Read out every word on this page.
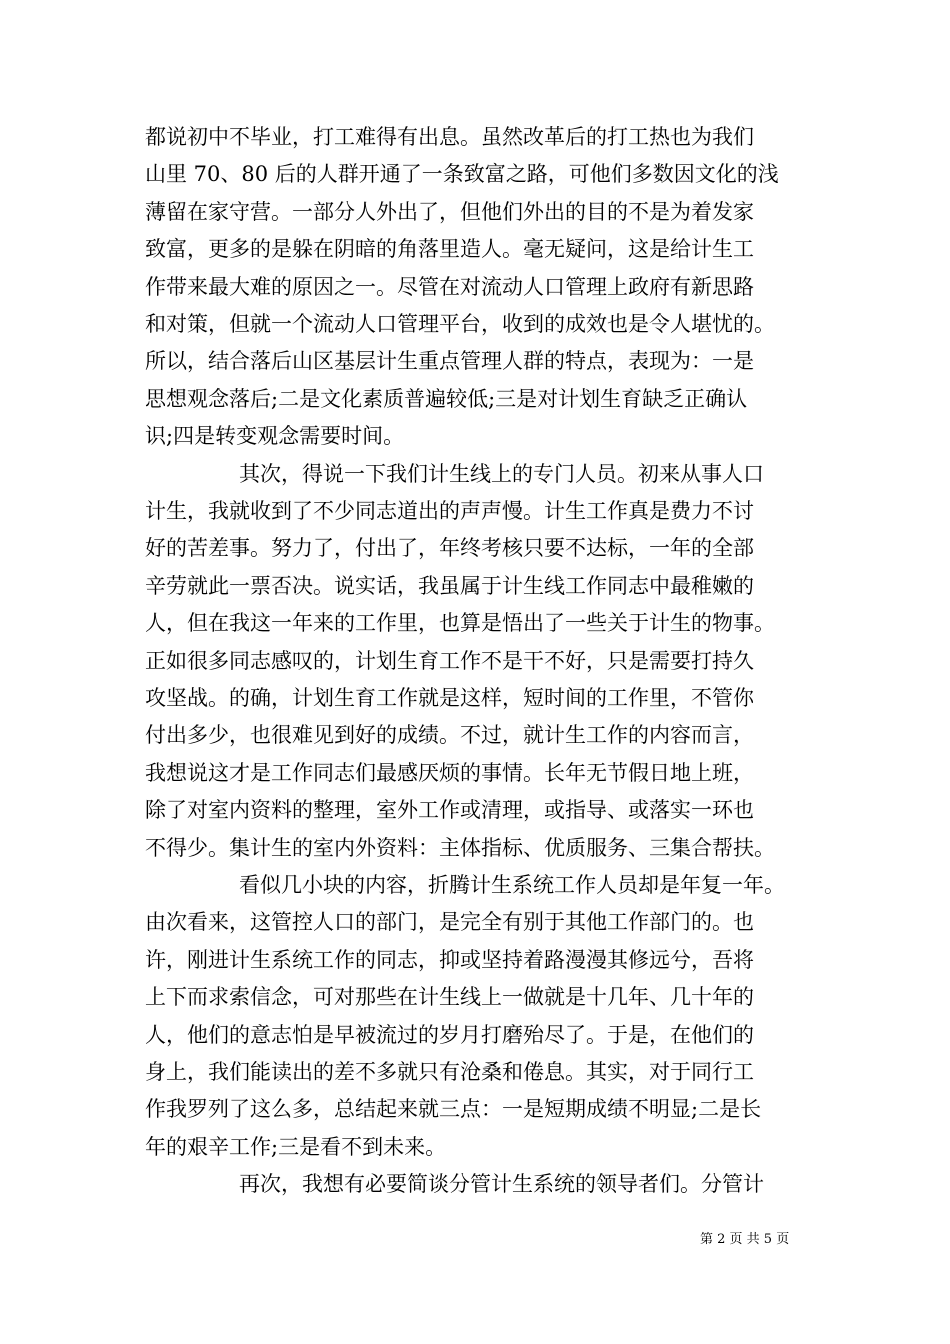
都说初中不毕业，打工难得有出息。虽然改革后的打工热也为我们
山里 70、80 后的人群开通了一条致富之路，可他们多数因文化的浅
薄留在家守营。一部分人外出了，但他们外出的目的不是为着发家
致富，更多的是躲在阴暗的角落里造人。毫无疑问，这是给计生工
作带来最大难的原因之一。尽管在对流动人口管理上政府有新思路
和对策，但就一个流动人口管理平台，收到的成效也是令人堪忧的。
所以，结合落后山区基层计生重点管理人群的特点，表现为：一是
思想观念落后;二是文化素质普遍较低;三是对计划生育缺乏正确认
识;四是转变观念需要时间。
其次，得说一下我们计生线上的专门人员。初来从事人口
计生，我就收到了不少同志道出的声声慢。计生工作真是费力不讨
好的苦差事。努力了，付出了，年终考核只要不达标，一年的全部
辛劳就此一票否决。说实话，我虽属于计生线工作同志中最稚嫩的
人，但在我这一年来的工作里，也算是悟出了一些关于计生的物事。
正如很多同志感叹的，计划生育工作不是干不好，只是需要打持久
攻坚战。的确，计划生育工作就是这样，短时间的工作里，不管你
付出多少，也很难见到好的成绩。不过，就计生工作的内容而言，
我想说这才是工作同志们最感厌烦的事情。长年无节假日地上班，
除了对室内资料的整理，室外工作或清理，或指导、或落实一环也
不得少。集计生的室内外资料：主体指标、优质服务、三集合帮扶。
看似几小块的内容，折腾计生系统工作人员却是年复一年。
由次看来，这管控人口的部门，是完全有别于其他工作部门的。也
许，刚进计生系统工作的同志，抑或坚持着路漫漫其修远兮，吾将
上下而求索信念，可对那些在计生线上一做就是十几年、几十年的
人，他们的意志怕是早被流过的岁月打磨殆尽了。于是，在他们的
身上，我们能读出的差不多就只有沧桑和倦息。其实，对于同行工
作我罗列了这么多，总结起来就三点：一是短期成绩不明显;二是长
年的艰辛工作;三是看不到未来。
再次，我想有必要简谈分管计生系统的领导者们。分管计
第 2 页 共 5 页
